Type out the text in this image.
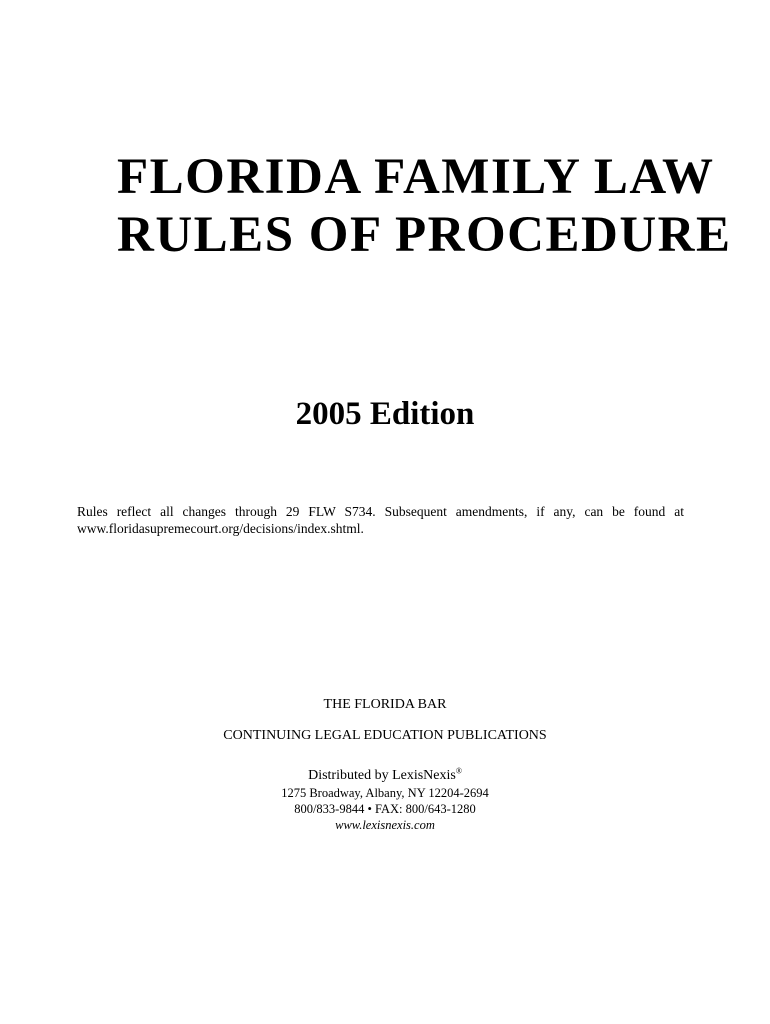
FLORIDA FAMILY LAW
RULES OF PROCEDURE
2005 Edition

Rules reflect all changes through 29 FLW S734. Subsequent amendments, if any, can be found at www.floridasupremecourt.org/decisions/index.shtml.

THE FLORIDA BAR

CONTINUING LEGAL EDUCATION PUBLICATIONS

Distributed by LexisNexis®

1275 Broadway, Albany, NY 12204-2694

800/833-9844 • FAX: 800/643-1280

www.lexisnexis.com
